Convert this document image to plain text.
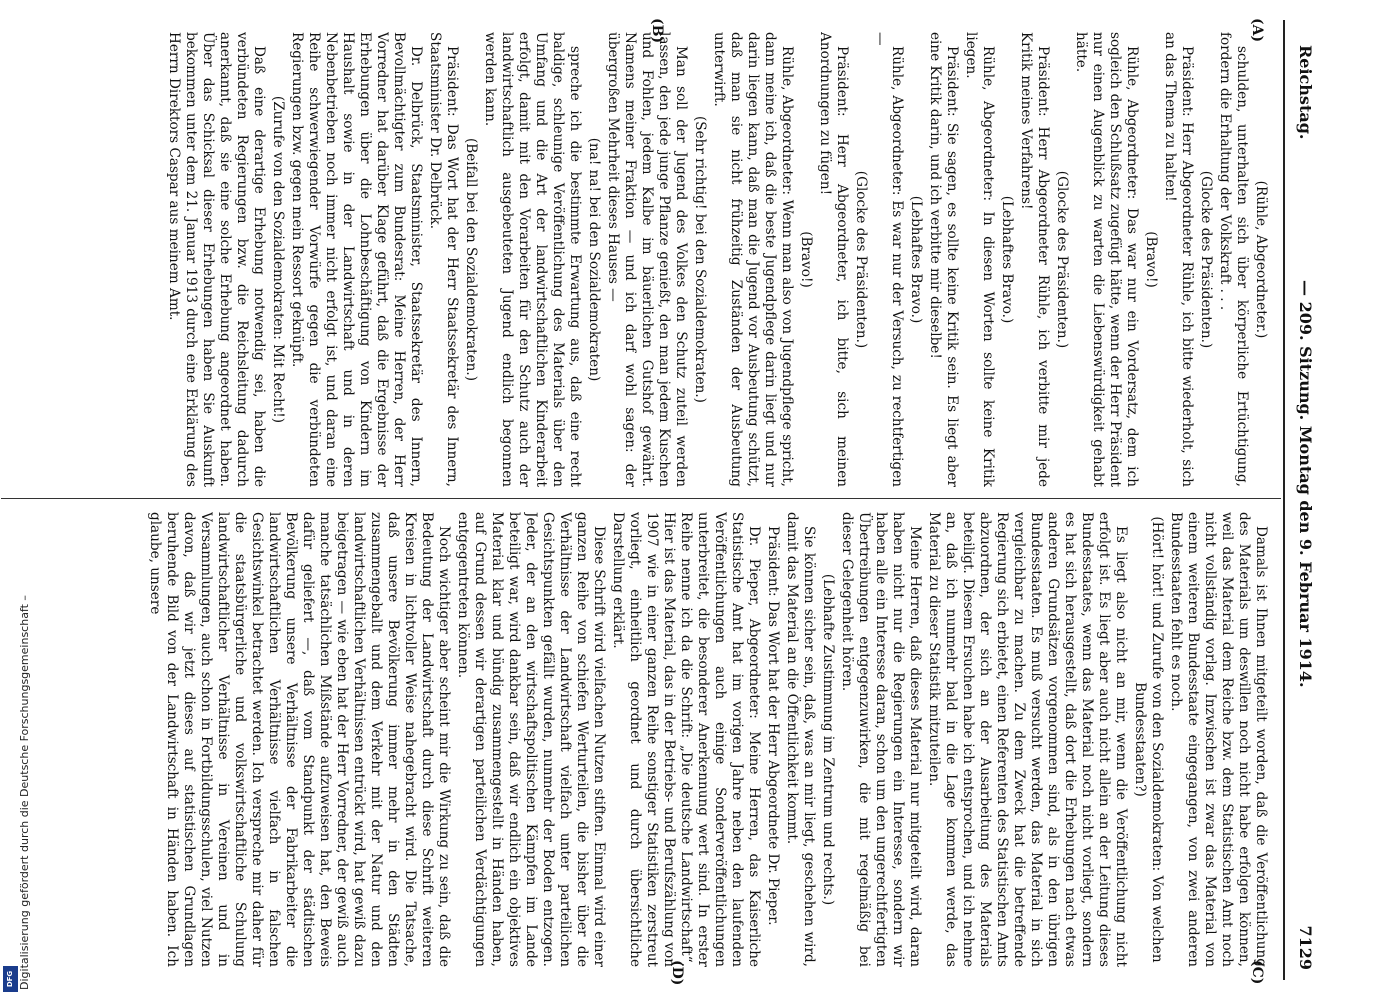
Reichstag.
— 209. Sitzung. Montag den 9. Februar 1914.
7129
(A)
(B)
(C)
(D)

(Rühle, Abgeordneter.)

schulden, unterhalten sich über körperliche Ertüchtigung, fordern die Erhaltung der Volkskraft . . .

(Glocke des Präsidenten.)

Präsident: Herr Abgeordneter Rühle, ich bitte wiederholt, sich an das Thema zu halten!

(Bravo!)

Rühle, Abgeordneter: Das war nur ein Vordersatz, dem ich sogleich den Schlußsatz zugefügt hätte, wenn der Herr Präsident nur einen Augenblick zu warten die Liebenswürdigkeit gehabt hätte.

(Glocke des Präsidenten.)

Präsident: Herr Abgeordneter Rühle, ich verbitte mir jede Kritik meines Verfahrens!

(Lebhaftes Bravo.)

Rühle, Abgeordneter: In diesen Worten sollte keine Kritik liegen.

Präsident: Sie sagen, es sollte keine Kritik sein. Es liegt aber eine Kritik darin, und ich verbitte mir dieselbe!

(Lebhaftes Bravo.)

Rühle, Abgeordneter: Es war nur der Versuch, zu rechtfertigen —

(Glocke des Präsidenten.)

Präsident: Herr Abgeordneter, ich bitte, sich meinen Anordnungen zu fügen!

(Bravo!)

Rühle, Abgeordneter: Wenn man also von Jugendpflege spricht, dann meine ich, daß die beste Jugendpflege darin liegt und nur darin liegen kann, daß man die Jugend vor Ausbeutung schützt, daß man sie nicht frühzeitig Zuständen der Ausbeutung unterwirft.

(Sehr richtig! bei den Sozialdemokraten.)

Man soll der Jugend des Volkes den Schutz zuteil werden lassen, den jede junge Pflanze genießt, den man jedem Kuschen und Fohlen, jedem Kalbe im bäuerlichen Gutshof gewährt. Namens meiner Fraktion — und ich darf wohl sagen: der übergroßen Mehrheit dieses Hauses —

(na! na! bei den Sozialdemokraten)

spreche ich die bestimmte Erwartung aus, daß eine recht baldige, schleunige Veröffentlichung des Materials über den Umfang und die Art der landwirtschaftlichen Kinderarbeit erfolgt, damit mit den Vorarbeiten für den Schutz auch der landwirtschaftlich ausgebeuteten Jugend endlich begonnen werden kann.

(Beifall bei den Sozialdemokraten.)

Präsident: Das Wort hat der Herr Staatssekretär des Innern, Staatsminister Dr. Delbrück.

Dr. Delbrück, Staatsminister, Staatssekretär des Innern, Bevollmächtigter zum Bundesrat: Meine Herren, der Herr Vorredner hat darüber Klage geführt, daß die Ergebnisse der Erhebungen über die Lohnbeschäftigung von Kindern im Haushalt sowie in der Landwirtschaft und in deren Nebenbetrieben noch immer nicht erfolgt ist, und daran eine Reihe schwerwiegender Vorwürfe gegen die verbündeten Regierungen bzw. gegen mein Ressort geknüpft.

(Zurufe von den Sozialdemokraten: Mit Recht!)

Daß eine derartige Erhebung notwendig sei, haben die verbündeten Regierungen bzw. die Reichsleitung dadurch anerkannt, daß sie eine solche Erhebung angeordnet haben. Über das Schicksal dieser Erhebungen haben Sie Auskunft bekommen unter dem 21. Januar 1913 durch eine Erklärung des Herrn Direktors Caspar aus meinem Amt.

Damals ist Ihnen mitgeteilt worden, daß die Veröffentlichung des Materials um deswillen noch nicht habe erfolgen können, weil das Material dem Reiche bzw. dem Statistischen Amt noch nicht vollständig vorlag. Inzwischen ist zwar das Material von einem weiteren Bundesstaate eingegangen, von zwei anderen Bundesstaaten fehlt es noch.

(Hört! hört! und Zurufe von den Sozialdemokraten: Von welchen Bundesstaaten?)

Es liegt also nicht an mir, wenn die Veröffentlichung nicht erfolgt ist. Es liegt aber auch nicht allein an der Leitung dieses Bundesstaates, wenn das Material noch nicht vorliegt, sondern es hat sich herausgestellt, daß dort die Erhebungen nach etwas anderen Grundsätzen vorgenommen sind, als in den übrigen Bundesstaaten. Es muß versucht werden, das Material in sich vergleichbar zu machen. Zu dem Zweck hat die betreffende Regierung sich erbietet, einen Referenten des Statistischen Amts abzuordnen, der sich an der Ausarbeitung des Materials beteiligt. Diesem Ersuchen habe ich entsprochen, und ich nehme an, daß ich nunmehr bald in die Lage kommen werde, das Material zu dieser Statistik mitzuteilen.

Meine Herren, daß dieses Material nur mitgeteilt wird, daran haben nicht nur die Regierungen ein Interesse, sondern wir haben alle ein Interesse daran, schon um den ungerechtfertigten Übertreibungen entgegenzuwirken, die mit regelmäßig bei dieser Gelegenheit hören.

(Lebhafte Zustimmung im Zentrum und rechts.)

Sie können sicher sein, daß, was an mir liegt, geschehen wird, damit das Material an die Öffentlichkeit kommt.

Präsident: Das Wort hat der Herr Abgeordnete Dr. Pieper.

Dr. Pieper, Abgeordneter: Meine Herren, das Kaiserliche Statistische Amt hat im vorigen Jahre neben den laufenden Veröffentlichungen auch einige Sonderveröffentlichungen unterbreitet, die besonderer Anerkennung wert sind. In erster Reihe nenne ich da die Schrift: „Die deutsche Landwirtschaft“. Hier ist das Material, das in der Betriebs- und Berufszählung von 1907 wie in einer ganzen Reihe sonstiger Statistiken zerstreut vorliegt, einheitlich geordnet und durch übersichtliche Darstellung erklärt.

Diese Schrift wird vielfachen Nutzen stiften. Einmal wird einer ganzen Reihe von schiefen Werturteilen, die bisher über die Verhältnisse der Landwirtschaft vielfach unter parteilichen Gesichtspunkten gefällt wurden, nunmehr der Boden entzogen. Jeder, der an den wirtschaftspolitischen Kämpfen im Lande beteiligt war, wird dankbar sein, daß wir endlich ein objektives Material klar und bündig zusammengestellt in Händen haben, auf Grund dessen wir derartigen parteilichen Verdächtigungen entgegentreten können.

Noch wichtiger aber scheint mir die Wirkung zu sein, daß die Bedeutung der Landwirtschaft durch diese Schrift weiteren Kreisen in lichtvoller Weise nahegebracht wird. Die Tatsache, daß unsere Bevölkerung immer mehr in den Städten zusammengeballt und dem Verkehr mit der Natur und den landwirtschaftlichen Verhältnissen entrückt wird, hat gewiß dazu beigetragen — wie eben hat der Herr Vorredner, der gewiß auch manche tatsächlichen Mißstände aufzuweisen hat, den Beweis dafür geliefert —, daß vom Standpunkt der städtischen Bevölkerung unsere Verhältnisse der Fabrikarbeiter die landwirtschaftlichen Verhältnisse vielfach in falschen Gesichtswinkel betrachtet werden. Ich verspreche mir daher für die staatsbürgerliche und volkswirtschaftliche Schulung landwirtschaftlicher Verhältnisse in Vereinen und in Versammlungen, auch schon in Fortbildungsschulen, viel Nutzen davon, daß wir jetzt dieses auf statistischen Grundlagen beruhende Bild von der Landwirtschaft in Händen haben. Ich glaube, unsere

Digitalisierung gefördert durch die Deutsche Forschungsgemeinschaft –
DFG
